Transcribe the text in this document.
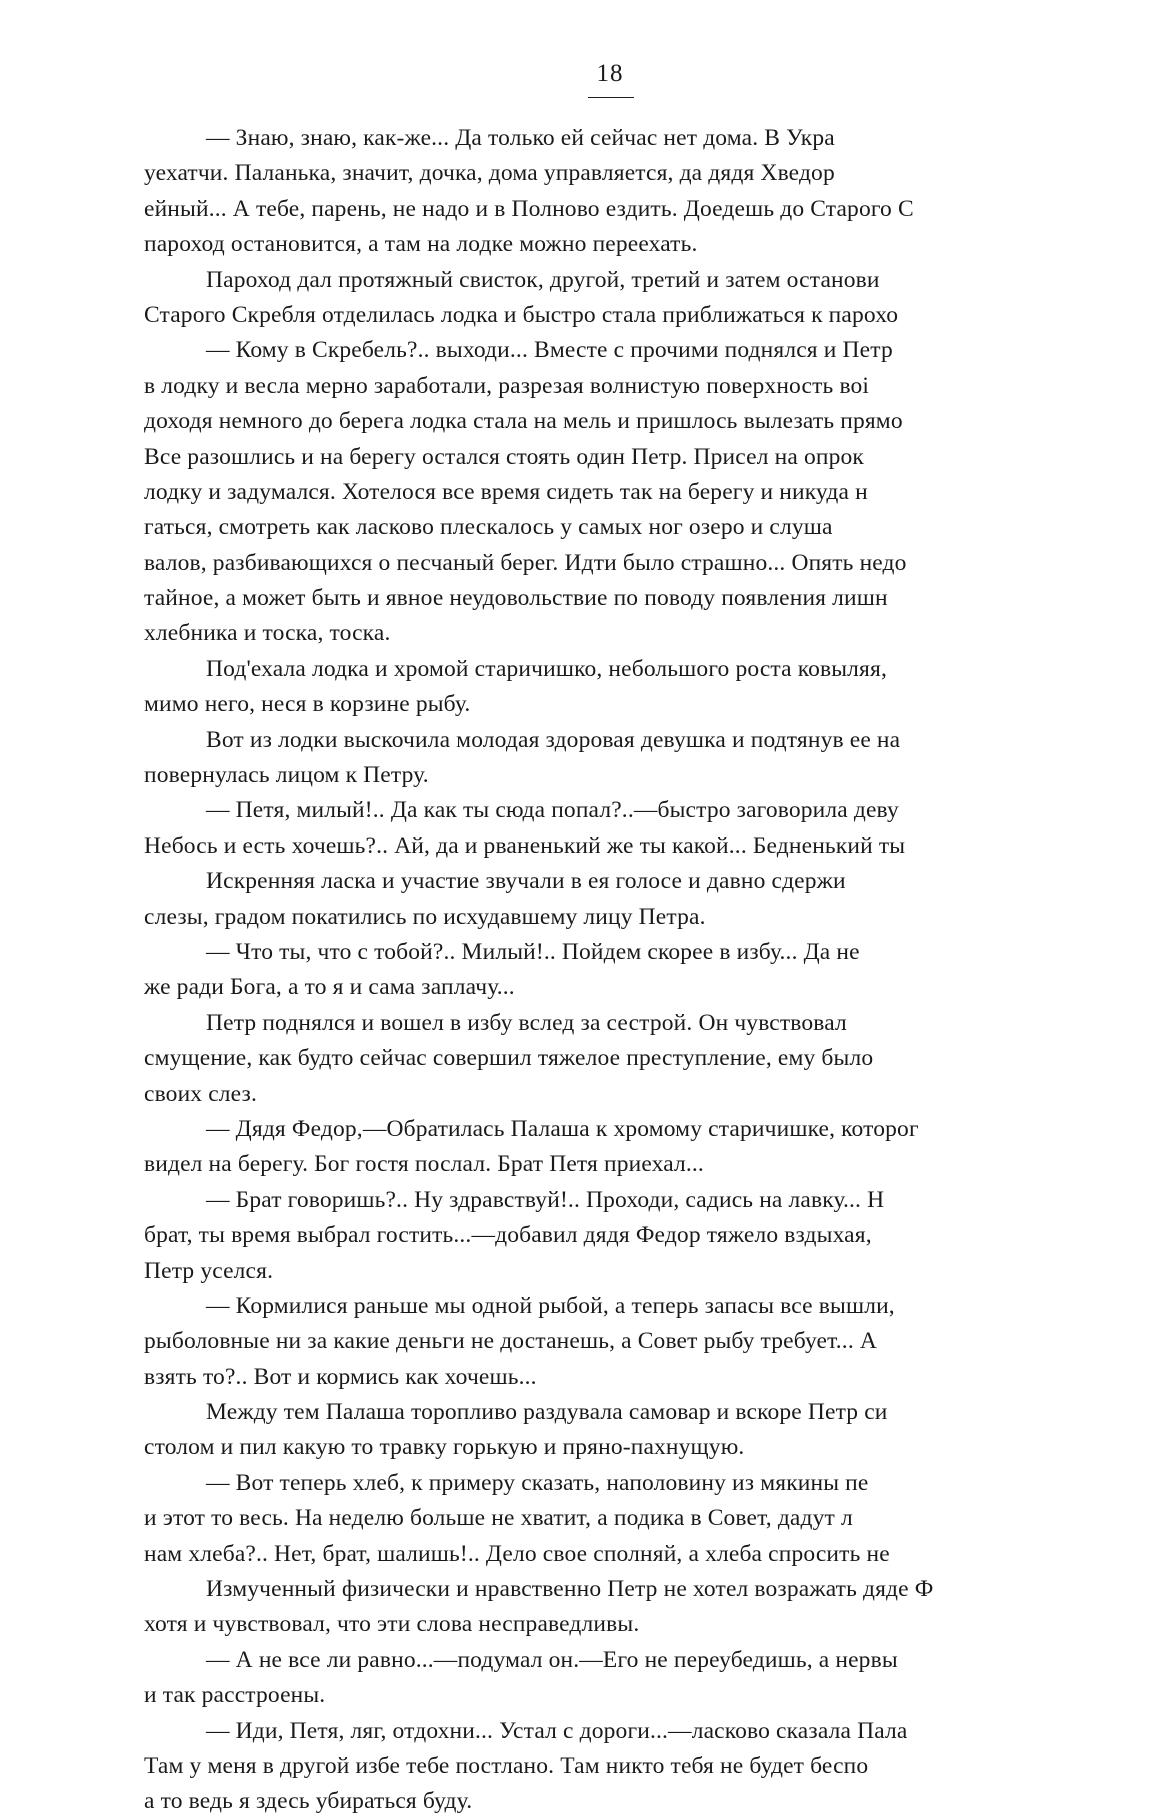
18
— Знаю, знаю, как-же... Да только ей сейчас нет дома. В Укрa
уехатчи. Паланька, значит, дочка, дома управляется, да дядя Хведор
ейный... А тебе, парень, не надо и в Полново ездить. Доедешь до Старого С
пароход остановится, а там на лодке можно переехать.
Пароход дал протяжный свисток, другой, третий и затем останови
Старого Скребля отделилась лодка и быстро стала приближаться к парохо
— Кому в Скребель?.. выходи... Вместе с прочими поднялся и Петр
в лодку и весла мерно заработали, разрезая волнистую поверхность воі
доходя немного до берега лодка стала на мель и пришлось вылезать прямо
Все разошлись и на берегу остался стоять один Петр. Присел на опрок
лодку и задумался. Хотелося все время сидеть так на берегу и никуда н
гаться, смотреть как ласково плескалось у самых ног озеро и слуша
валов, разбивающихся о песчаный берег. Идти было страшно... Опять недо
тайное, а может быть и явное неудовольствие по поводу появления лишн
хлебника и тоска, тоска.
Под'ехала лодка и хромой старичишко, небольшого роста ковыляя,
мимо него, неся в корзине рыбу.
Вот из лодки выскочила молодая здоровая девушка и подтянув ее на
повернулась лицом к Петру.
— Петя, милый!.. Да как ты сюда попал?..—быстро заговорила деву
Небось и есть хочешь?.. Ай, да и рваненький же ты какой... Бедненький ты
Искренняя ласка и участие звучали в ея голосе и давно сдержи
слезы, градом покатились по исхудавшему лицу Петра.
— Что ты, что с тобой?.. Милый!.. Пойдем скорее в избу... Да не
же ради Бога, а то я и сама заплачу...
Петр поднялся и вошел в избу вслед за сестрой. Он чувствовал
смущение, как будто сейчас совершил тяжелое преступление, ему было
своих слез.
— Дядя Федор,—Обратилась Палаша к хромому старичишке, которог
видел на берегу. Бог гостя послал. Брат Петя приехал...
— Брат говоришь?.. Ну здравствуй!.. Проходи, садись на лавку... Н
брат, ты время выбрал гостить...—добавил дядя Федор тяжело вздыхая,
Петр уселся.
— Кормилися раньше мы одной рыбой, а теперь запасы все вышли,
рыболовные ни за какие деньги не достанешь, а Совет рыбу требует... А
взять то?.. Вот и кормись как хочешь...
Между тем Палаша торопливо раздувала самовар и вскоре Петр си
столом и пил какую то травку горькую и пряно-пахнущую.
— Вот теперь хлеб, к примеру сказать, наполовину из мякины пе
и этот то весь. На неделю больше не хватит, а подика в Совет, дадут л
нам хлеба?.. Нет, брат, шалишь!.. Дело свое сполняй, а хлеба спросить не
Измученный физически и нравственно Петр не хотел возражать дяде Ф
хотя и чувствовал, что эти слова несправедливы.
— А не все ли равно...—подумал он.—Его не переубедишь, а нервы
и так расстроены.
— Иди, Петя, ляг, отдохни... Устал с дороги...—ласково сказала Пала
Там у меня в другой избе тебе постлано. Там никто тебя не будет беспо
а то ведь я здесь убираться буду.
